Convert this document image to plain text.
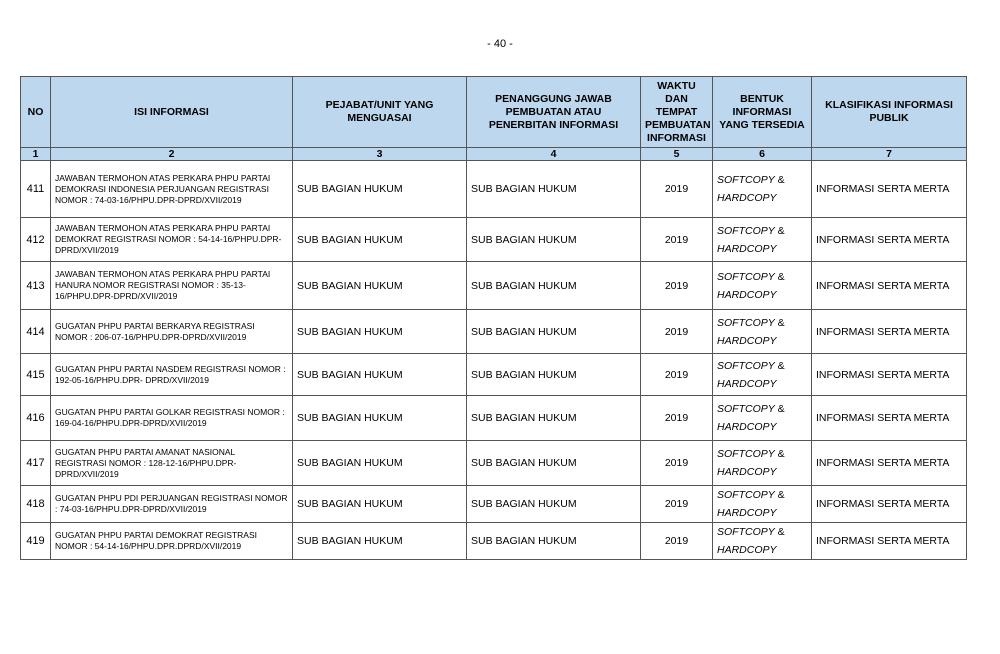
- 40 -
NO	ISI INFORMASI	PEJABAT/UNIT YANG MENGUASAI	PENANGGUNG JAWAB PEMBUATAN ATAU PENERBITAN INFORMASI	WAKTU DAN TEMPAT PEMBUATAN INFORMASI	BENTUK INFORMASI YANG TERSEDIA	KLASIFIKASI INFORMASI PUBLIK
1	2	3	4	5	6	7
411	JAWABAN TERMOHON ATAS PERKARA PHPU PARTAI DEMOKRASI INDONESIA PERJUANGAN REGISTRASI NOMOR : 74-03-16/PHPU.DPR-DPRD/XVII/2019	SUB BAGIAN HUKUM	SUB BAGIAN HUKUM	2019	SOFTCOPY &
HARDCOPY	INFORMASI SERTA MERTA
412	JAWABAN TERMOHON ATAS PERKARA PHPU PARTAI DEMOKRAT REGISTRASI NOMOR : 54-14-16/PHPU.DPR-DPRD/XVII/2019	SUB BAGIAN HUKUM	SUB BAGIAN HUKUM	2019	SOFTCOPY &
HARDCOPY	INFORMASI SERTA MERTA
413	JAWABAN TERMOHON ATAS PERKARA PHPU PARTAI HANURA NOMOR REGISTRASI NOMOR : 35-13-16/PHPU.DPR-DPRD/XVII/2019	SUB BAGIAN HUKUM	SUB BAGIAN HUKUM	2019	SOFTCOPY &
HARDCOPY	INFORMASI SERTA MERTA
414	GUGATAN PHPU PARTAI BERKARYA REGISTRASI NOMOR : 206-07-16/PHPU.DPR-DPRD/XVII/2019	SUB BAGIAN HUKUM	SUB BAGIAN HUKUM	2019	SOFTCOPY &
HARDCOPY	INFORMASI SERTA MERTA
415	GUGATAN PHPU PARTAI NASDEM REGISTRASI NOMOR : 192-05-16/PHPU.DPR- DPRD/XVII/2019	SUB BAGIAN HUKUM	SUB BAGIAN HUKUM	2019	SOFTCOPY &
HARDCOPY	INFORMASI SERTA MERTA
416	GUGATAN PHPU PARTAI GOLKAR REGISTRASI NOMOR : 169-04-16/PHPU.DPR-DPRD/XVII/2019	SUB BAGIAN HUKUM	SUB BAGIAN HUKUM	2019	SOFTCOPY &
HARDCOPY	INFORMASI SERTA MERTA
417	GUGATAN PHPU PARTAI AMANAT NASIONAL REGISTRASI NOMOR : 128-12-16/PHPU.DPR-DPRD/XVII/2019	SUB BAGIAN HUKUM	SUB BAGIAN HUKUM	2019	SOFTCOPY &
HARDCOPY	INFORMASI SERTA MERTA
418	GUGATAN PHPU PDI PERJUANGAN REGISTRASI NOMOR : 74-03-16/PHPU.DPR-DPRD/XVII/2019	SUB BAGIAN HUKUM	SUB BAGIAN HUKUM	2019	SOFTCOPY &
HARDCOPY	INFORMASI SERTA MERTA
419	GUGATAN PHPU PARTAI DEMOKRAT REGISTRASI NOMOR : 54-14-16/PHPU.DPR.DPRD/XVII/2019	SUB BAGIAN HUKUM	SUB BAGIAN HUKUM	2019	SOFTCOPY &
HARDCOPY	INFORMASI SERTA MERTA
